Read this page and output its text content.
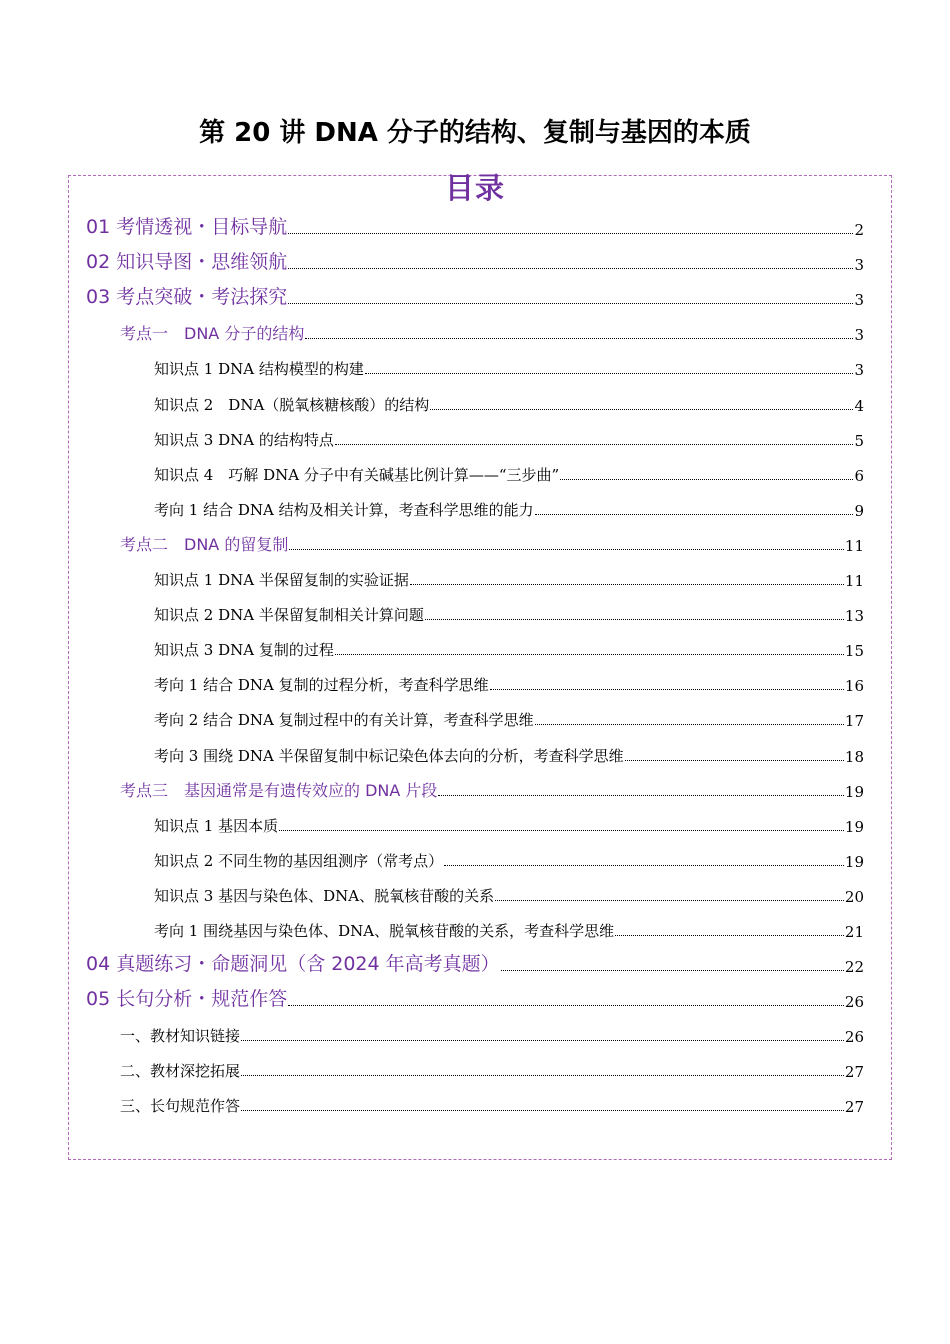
第 20 讲 DNA 分子的结构、复制与基因的本质
目录
01 考情透视・目标导航	2
02 知识导图・思维领航	3
03 考点突破・考法探究	3
考点一　DNA 分子的结构	3
知识点 1 DNA 结构模型的构建	3
知识点 2　DNA（脱氧核糖核酸）的结构	4
知识点 3 DNA 的结构特点	5
知识点 4　巧解 DNA 分子中有关碱基比例计算——“三步曲”	6
考向 1 结合 DNA 结构及相关计算，考查科学思维的能力	9
考点二　DNA 的留复制	11
知识点 1 DNA 半保留复制的实验证据	11
知识点 2 DNA 半保留复制相关计算问题	13
知识点 3 DNA 复制的过程	15
考向 1 结合 DNA 复制的过程分析，考查科学思维	16
考向 2 结合 DNA 复制过程中的有关计算，考查科学思维	17
考向 3 围绕 DNA 半保留复制中标记染色体去向的分析，考查科学思维	18
考点三　基因通常是有遗传效应的 DNA 片段	19
知识点 1 基因本质	19
知识点 2 不同生物的基因组测序（常考点）	19
知识点 3 基因与染色体、DNA、脱氧核苷酸的关系	20
考向 1 围绕基因与染色体、DNA、脱氧核苷酸的关系，考查科学思维	21
04 真题练习・命题洞见（含 2024 年高考真题）	22
05 长句分析・规范作答	26
一、教材知识链接	26
二、教材深挖拓展	27
三、长句规范作答	27
